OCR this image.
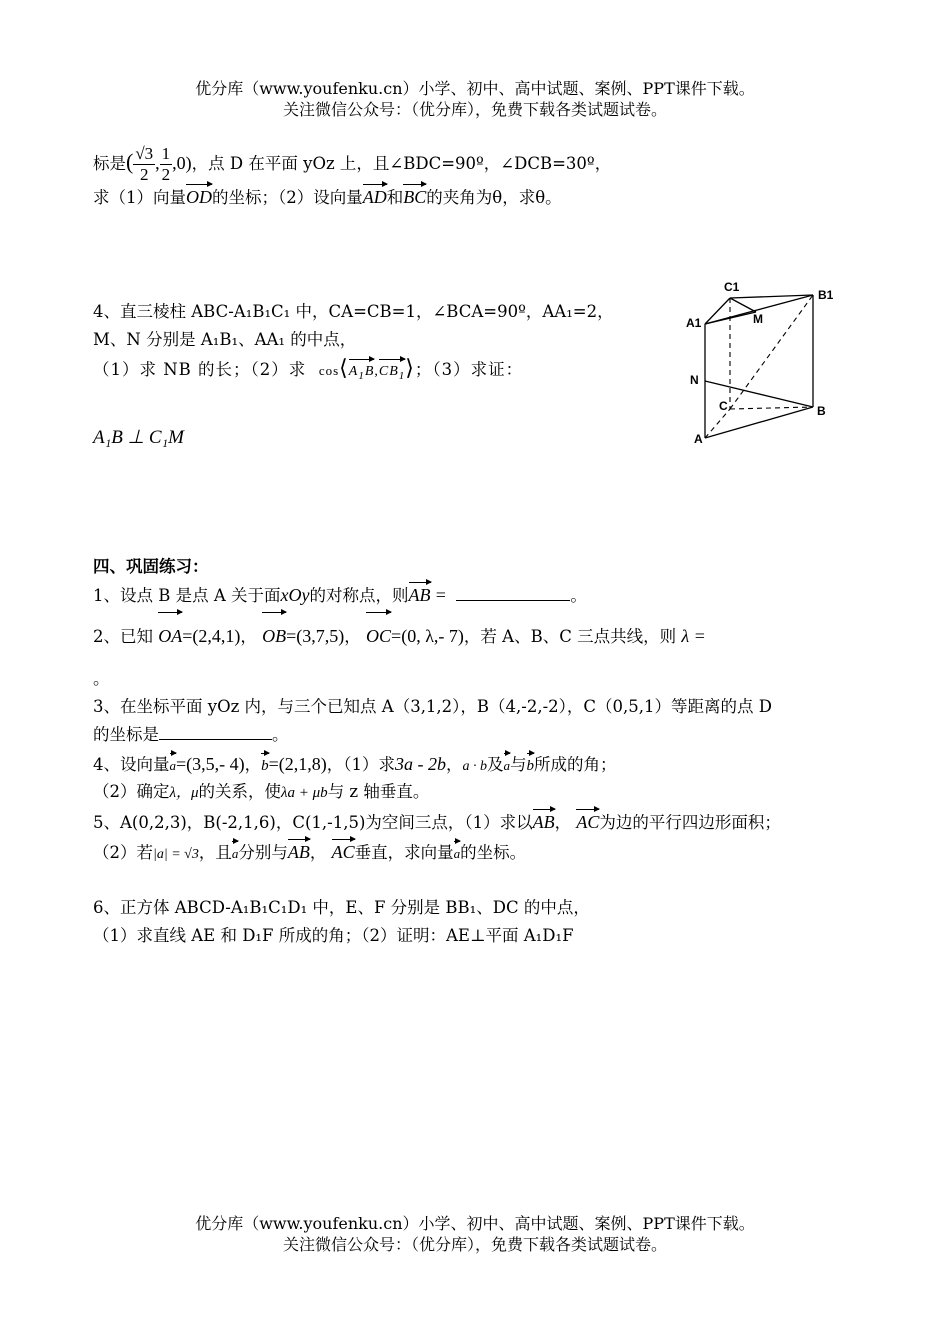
优分库（www.youfenku.cn）小学、初中、高中试题、案例、PPT课件下载。
关注微信公众号：（优分库），免费下载各类试题试卷。
标是( $\frac{√3}{2}$ , $\frac{1}{2} ,0$)，点 D 在平面 yOz 上，且∠BDC=90º，∠DCB=30º，
求（1）向量OD的坐标；（2）设向量AD和BC的夹角为θ，求θ。
4、直三棱柱 ABC-A₁B₁C₁ 中，CA=CB=1，∠BCA=90º，AA₁=2，
M、N 分别是 A₁B₁、AA₁ 的中点，
（1）求 NB 的长；（2）求 $\cos⟨A_1B,CB_1⟩$；（3）求证：
A₁B ⊥ C₁M
C1
B1
A1	M
N
C	B
A
四、巩固练习：
1、设点 B 是点 A 关于面xOy的对称点，则AB =	。
2、已知 OA=(2,4,1)， OB=(3,7,5)， OC=(0, λ,- 7)，若 A、B、C 三点共线，则 λ =
。
3、在坐标平面 yOz 内，与三个已知点 A（3,1,2），B（4,-2,-2），C（0,5,1）等距离的点 D
的坐标是	。
4、设向量a=(3,5,- 4)，b=(2,1,8)，（1）求3a - 2b，a · b及a与b所成的角；
（2）确定λ，μ的关系，使λa + μb与 z 轴垂直。
5、A(0,2,3)，B(-2,1,6)，C(1,-1,5)为空间三点，（1）求以AB， AC为边的平行四边形面积；
（2）若|a| = √3，且a分别与AB， AC垂直，求向量a的坐标。
6、正方体 ABCD-A₁B₁C₁D₁ 中，E、F 分别是 BB₁、DC 的中点，
（1）求直线 AE 和 D₁F 所成的角；（2）证明：AE⊥平面 A₁D₁F
优分库（www.youfenku.cn）小学、初中、高中试题、案例、PPT课件下载。
关注微信公众号：（优分库），免费下载各类试题试卷。
